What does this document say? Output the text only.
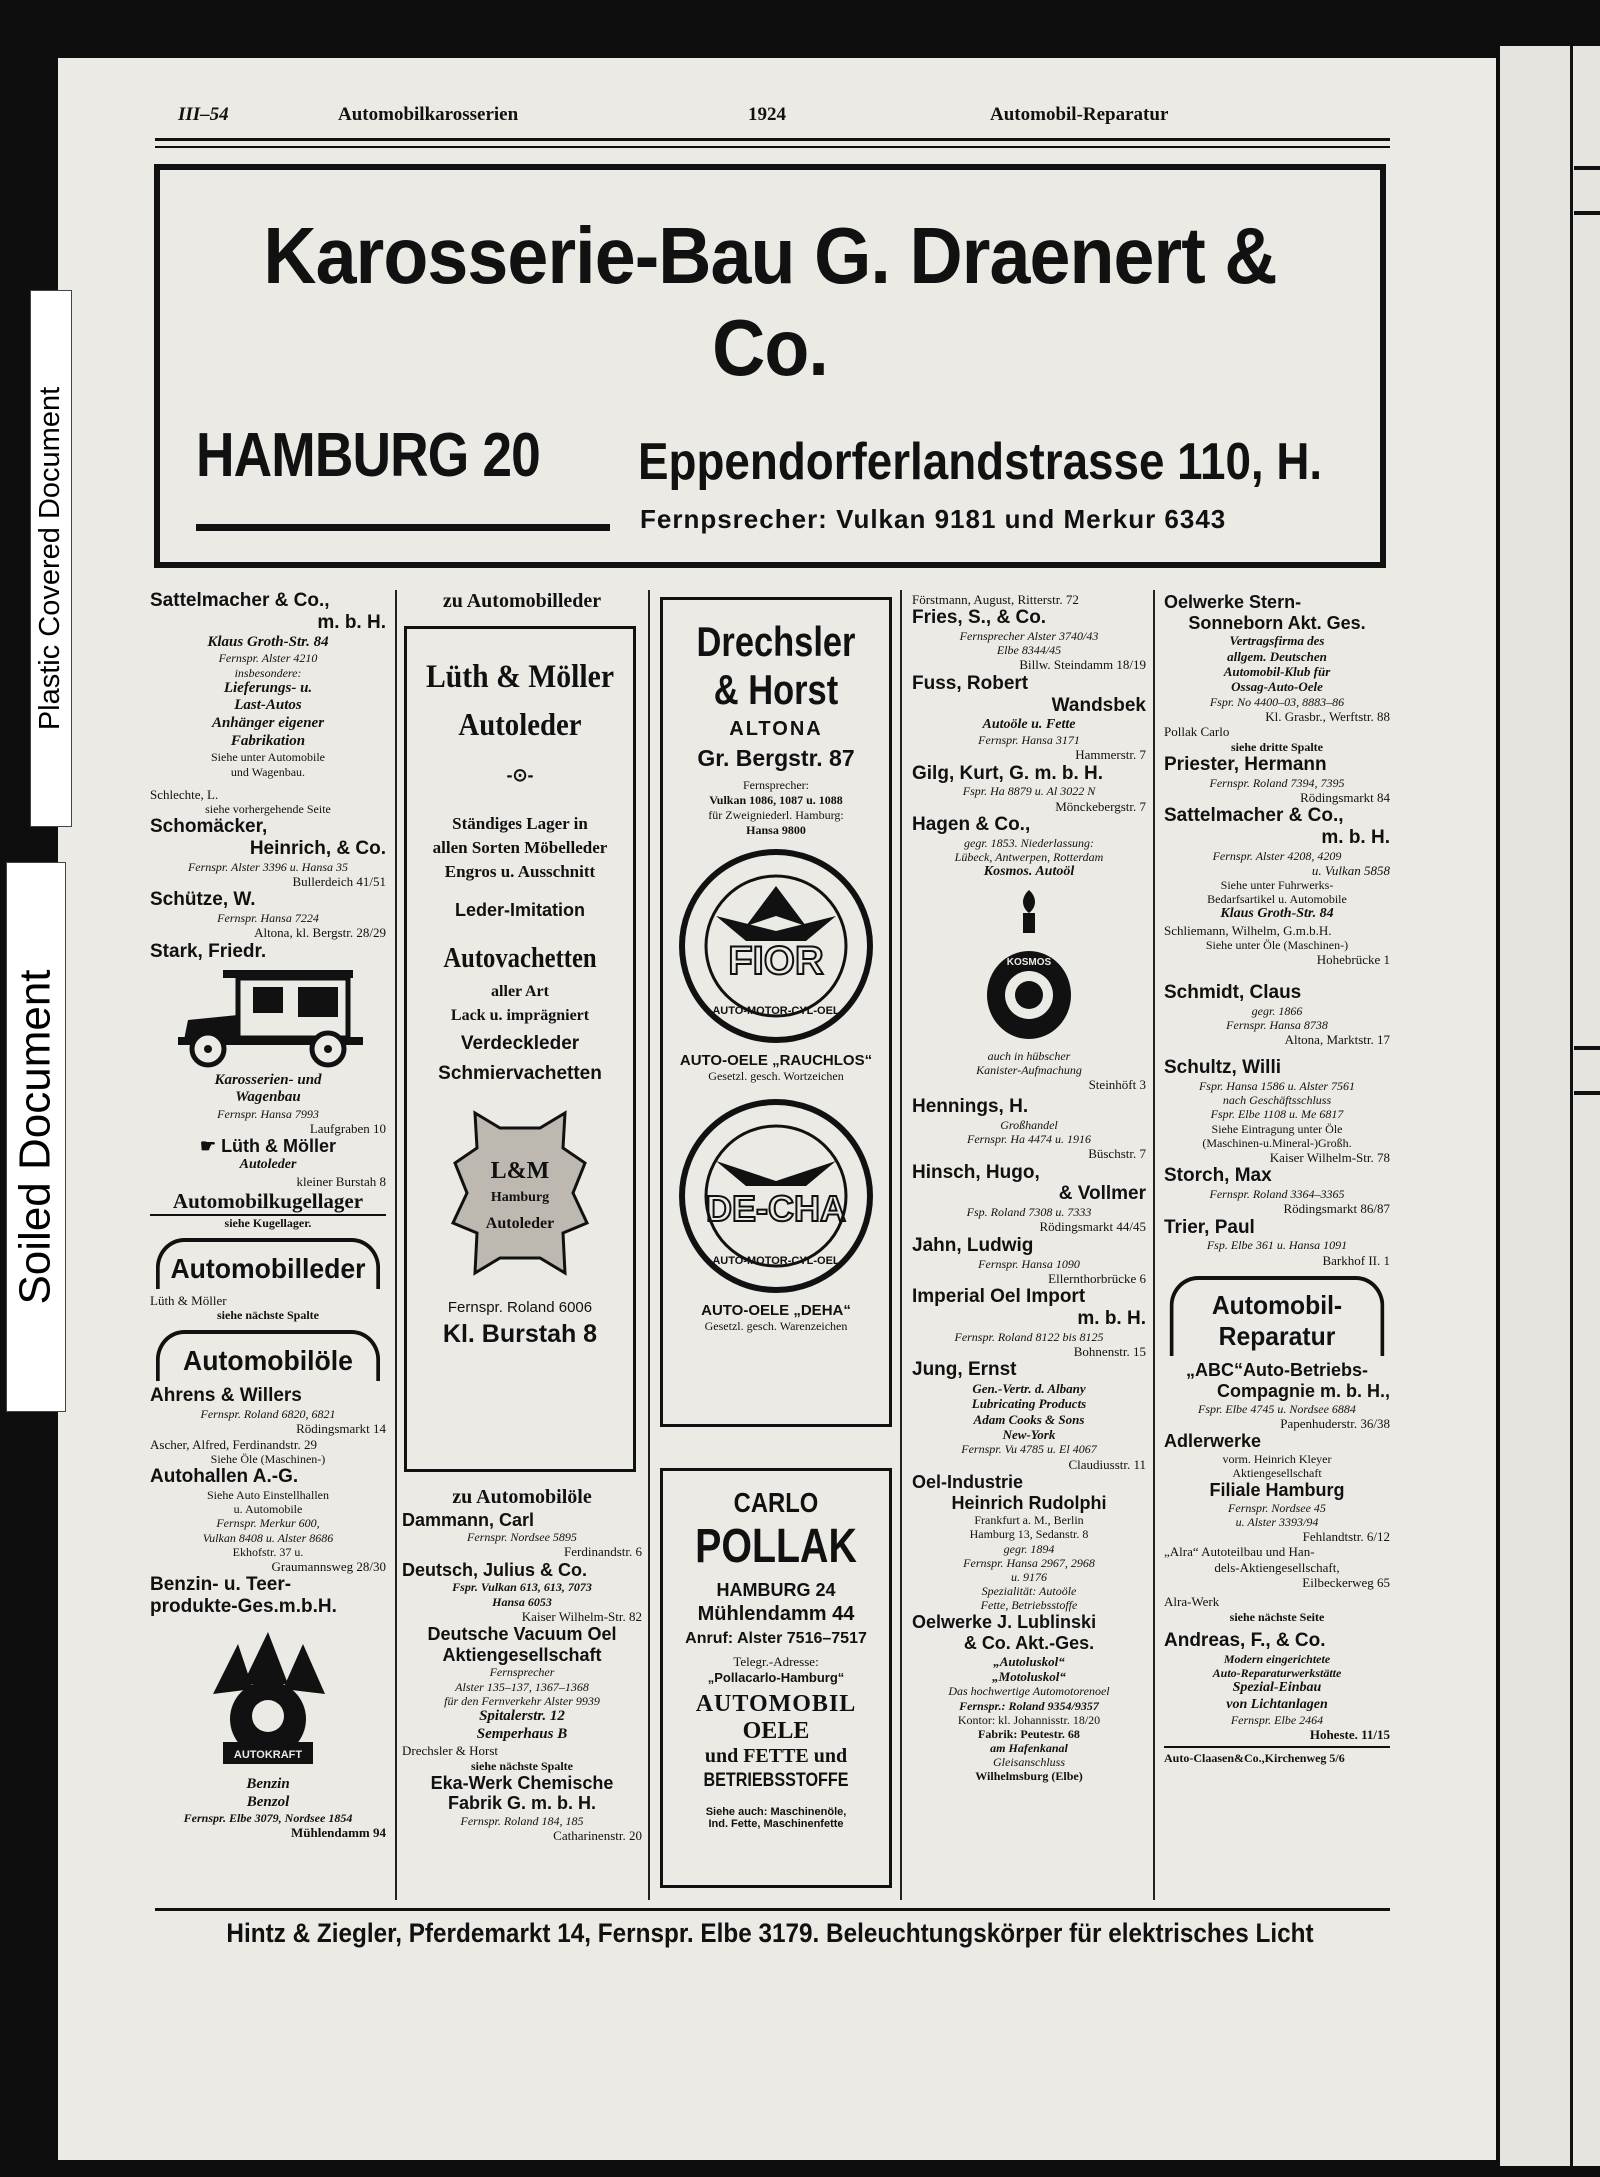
Plastic Covered Document
Soiled Document
III–54	Automobilkarosserien	1924	Automobil-Reparatur
Karosserie-Bau G. Draenert & Co.
HAMBURG 20 Eppendorferlandstrasse 110, H.
Fernpsrecher: Vulkan 9181 und Merkur 6343

Sattelmacher & Co.,

m. b. H.

Klaus Groth-Str. 84

Fernspr. Alster 4210

insbesondere:

Lieferungs- u.

Last-Autos

Anhänger eigener

Fabrikation

Siehe unter Automobile

und Wagenbau.

Schlechte, L.

siehe vorhergehende Seite

Schomäcker,

Heinrich, & Co.

Fernspr. Alster 3396 u. Hansa 35

Bullerdeich 41/51

Schütze, W.

Fernspr. Hansa 7224

Altona, kl. Bergstr. 28/29

Stark, Friedr.

Karosserien- und

Wagenbau

Fernspr. Hansa 7993

Laufgraben 10

☛ Lüth & Möller

Autoleder

kleiner Burstah 8

Automobilkugellager

siehe Kugellager.

Automobilleder

Lüth & Möller

siehe nächste Spalte

Automobilöle

Ahrens & Willers

Fernspr. Roland 6820, 6821

Rödingsmarkt 14

Ascher, Alfred, Ferdinandstr. 29

Siehe Öle (Maschinen-)

Autohallen A.-G.

Siehe Auto Einstellhallen

u. Automobile

Fernspr. Merkur 600,

Vulkan 8408 u. Alster 8686

Ekhofstr. 37 u.

Graumannsweg 28/30

Benzin- u. Teer-

produkte-Ges.m.b.H.

AUTOKRAFT

Benzin

Benzol

Fernspr. Elbe 3079, Nordsee 1854

Mühlendamm 94

zu Automobilleder

Lüth & Möller
Autoleder
-⊙-
Ständiges Lager in
allen Sorten Möbelleder
Engros u. Ausschnitt
Leder-Imitation
Autovachetten
aller Art
Lack u. imprägniert
Verdeckleder
Schmiervachetten
L&M
Hamburg
Autoleder
Fernspr. Roland 6006
Kl. Burstah 8

zu Automobilöle

Dammann, Carl

Fernspr. Nordsee 5895

Ferdinandstr. 6

Deutsch, Julius & Co.

Fspr. Vulkan 613, 613, 7073

Hansa 6053

Kaiser Wilhelm-Str. 82

Deutsche Vacuum Oel

Aktiengesellschaft

Fernsprecher

Alster 135–137, 1367–1368

für den Fernverkehr Alster 9939

Spitalerstr. 12

Semperhaus B

Drechsler & Horst

siehe nächste Spalte

Eka-Werk Chemische

Fabrik G. m. b. H.

Fernspr. Roland 184, 185

Catharinenstr. 20

Drechsler
& Horst
ALTONA
Gr. Bergstr. 87
Fernsprecher:
Vulkan 1086, 1087 u. 1088
für Zweigniederl. Hamburg:
Hansa 9800
FIOR
AUTO-MOTOR-CYL-OEL
AUTO-OELE „RAUCHLOS“
Gesetzl. gesch. Wortzeichen
DE-CHA
AUTO-MOTOR-CYL-OEL
AUTO-OELE „DEHA“
Gesetzl. gesch. Warenzeichen
CARLO
POLLAK
HAMBURG 24
Mühlendamm 44
Anruf: Alster 7516–7517
Telegr.-Adresse:
„Pollacarlo-Hamburg“
AUTOMOBIL
OELE
und FETTE und
BETRIEBSSTOFFE
Siehe auch: Maschinenöle,
Ind. Fette, Maschinenfette

Förstmann, August, Ritterstr. 72

Fries, S., & Co.

Fernsprecher Alster 3740/43

Elbe 8344/45

Billw. Steindamm 18/19

Fuss, Robert

Wandsbek

Autoöle u. Fette

Fernspr. Hansa 3171

Hammerstr. 7

Gilg, Kurt, G. m. b. H.

Fspr. Ha 8879 u. Al 3022 N

Mönckebergstr. 7

Hagen & Co.,

gegr. 1853. Niederlassung:

Lübeck, Antwerpen, Rotterdam

Kosmos. Autoöl

KOSMOS

auch in hübscher

Kanister-Aufmachung

Steinhöft 3

Hennings, H.

Großhandel

Fernspr. Ha 4474 u. 1916

Büschstr. 7

Hinsch, Hugo,

& Vollmer

Fsp. Roland 7308 u. 7333

Rödingsmarkt 44/45

Jahn, Ludwig

Fernspr. Hansa 1090

Ellernthorbrücke 6

Imperial Oel Import

m. b. H.

Fernspr. Roland 8122 bis 8125

Bohnenstr. 15

Jung, Ernst

Gen.-Vertr. d. Albany

Lubricating Products

Adam Cooks & Sons

New-York

Fernspr. Vu 4785 u. El 4067

Claudiusstr. 11

Oel-Industrie

Heinrich Rudolphi

Frankfurt a. M., Berlin

Hamburg 13, Sedanstr. 8

gegr. 1894

Fernspr. Hansa 2967, 2968

u. 9176

Spezialität: Autoöle

Fette, Betriebsstoffe

Oelwerke J. Lublinski

& Co. Akt.-Ges.

„Autoluskol“

„Motoluskol“

Das hochwertige Automotorenoel

Fernspr.: Roland 9354/9357

Kontor: kl. Johannisstr. 18/20

Fabrik: Peutestr. 68

am Hafenkanal

Gleisanschluss

Wilhelmsburg (Elbe)

Oelwerke Stern-

Sonneborn Akt. Ges.

Vertragsfirma des

allgem. Deutschen

Automobil-Klub für

Ossag-Auto-Oele

Fspr. No 4400–03, 8883–86

Kl. Grasbr., Werftstr. 88

Pollak Carlo

siehe dritte Spalte

Priester, Hermann

Fernspr. Roland 7394, 7395

Rödingsmarkt 84

Sattelmacher & Co.,

m. b. H.

Fernspr. Alster 4208, 4209

u. Vulkan 5858

Siehe unter Fuhrwerks-

Bedarfsartikel u. Automobile

Klaus Groth-Str. 84

Schliemann, Wilhelm, G.m.b.H.

Siehe unter Öle (Maschinen-)

Hohebrücke 1

Schmidt, Claus

gegr. 1866

Fernspr. Hansa 8738

Altona, Marktstr. 17

Schultz, Willi

Fspr. Hansa 1586 u. Alster 7561

nach Geschäftsschluss

Fspr. Elbe 1108 u. Me 6817

Siehe Eintragung unter Öle

(Maschinen-u.Mineral-)Großh.

Kaiser Wilhelm-Str. 78

Storch, Max

Fernspr. Roland 3364–3365

Rödingsmarkt 86/87

Trier, Paul

Fsp. Elbe 361 u. Hansa 1091

Barkhof II. 1

Automobil-
Reparatur

„ABC“Auto-Betriebs-

Compagnie m. b. H.,

Fspr. Elbe 4745 u. Nordsee 6884

Papenhuderstr. 36/38

Adlerwerke

vorm. Heinrich Kleyer

Aktiengesellschaft

Filiale Hamburg

Fernspr. Nordsee 45

u. Alster 3393/94

Fehlandtstr. 6/12

„Alra“ Autoteilbau und Han-

dels-Aktiengesellschaft,

Eilbeckerweg 65

Alra-Werk

siehe nächste Seite

Andreas, F., & Co.

Modern eingerichtete

Auto-Reparaturwerkstätte

Spezial-Einbau

von Lichtanlagen

Fernspr. Elbe 2464

Hoheste. 11/15

Auto-Claasen&Co.,Kirchenweg 5/6

Hintz & Ziegler, Pferdemarkt 14, Fernspr. Elbe 3179. Beleuchtungskörper für elektrisches Licht
